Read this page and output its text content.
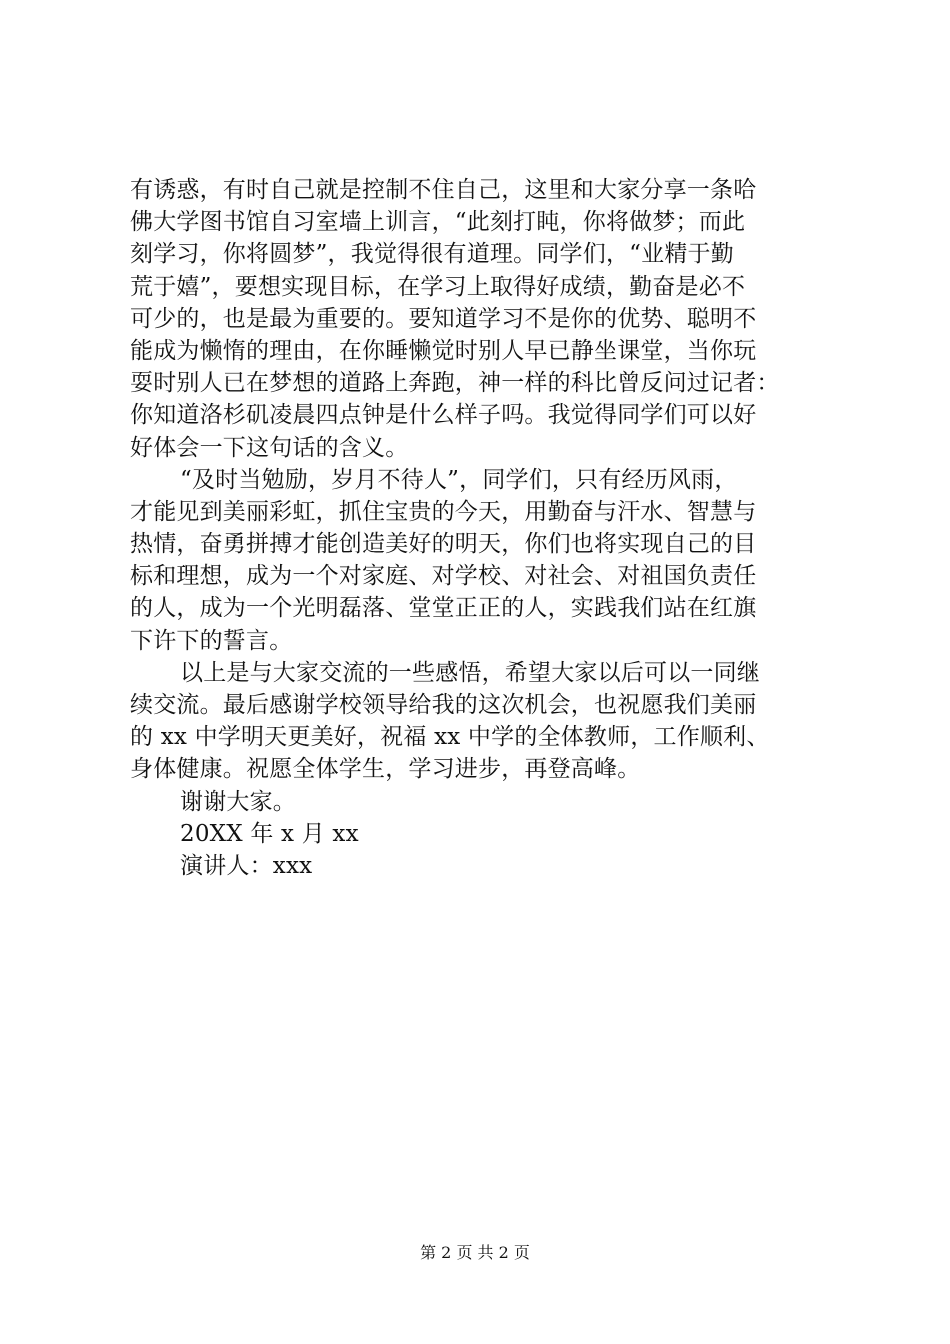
有诱惑，有时自己就是控制不住自己，这里和大家分享一条哈
佛大学图书馆自习室墙上训言，“此刻打盹，你将做梦；而此
刻学习，你将圆梦”，我觉得很有道理。同学们，“业精于勤
荒于嬉”，要想实现目标，在学习上取得好成绩，勤奋是必不
可少的，也是最为重要的。要知道学习不是你的优势、聪明不
能成为懒惰的理由，在你睡懒觉时别人早已静坐课堂，当你玩
耍时别人已在梦想的道路上奔跑，神一样的科比曾反问过记者：
你知道洛杉矶凌晨四点钟是什么样子吗。我觉得同学们可以好
好体会一下这句话的含义。
“及时当勉励，岁月不待人”，同学们，只有经历风雨，
才能见到美丽彩虹，抓住宝贵的今天，用勤奋与汗水、智慧与
热情，奋勇拼搏才能创造美好的明天，你们也将实现自己的目
标和理想，成为一个对家庭、对学校、对社会、对祖国负责任
的人，成为一个光明磊落、堂堂正正的人，实践我们站在红旗
下许下的誓言。
以上是与大家交流的一些感悟，希望大家以后可以一同继
续交流。最后感谢学校领导给我的这次机会，也祝愿我们美丽
的 xx 中学明天更美好，祝福 xx 中学的全体教师，工作顺利、
身体健康。祝愿全体学生，学习进步，再登高峰。
谢谢大家。
20XX 年 x 月 xx
演讲人：xxx
第 2 页 共 2 页
